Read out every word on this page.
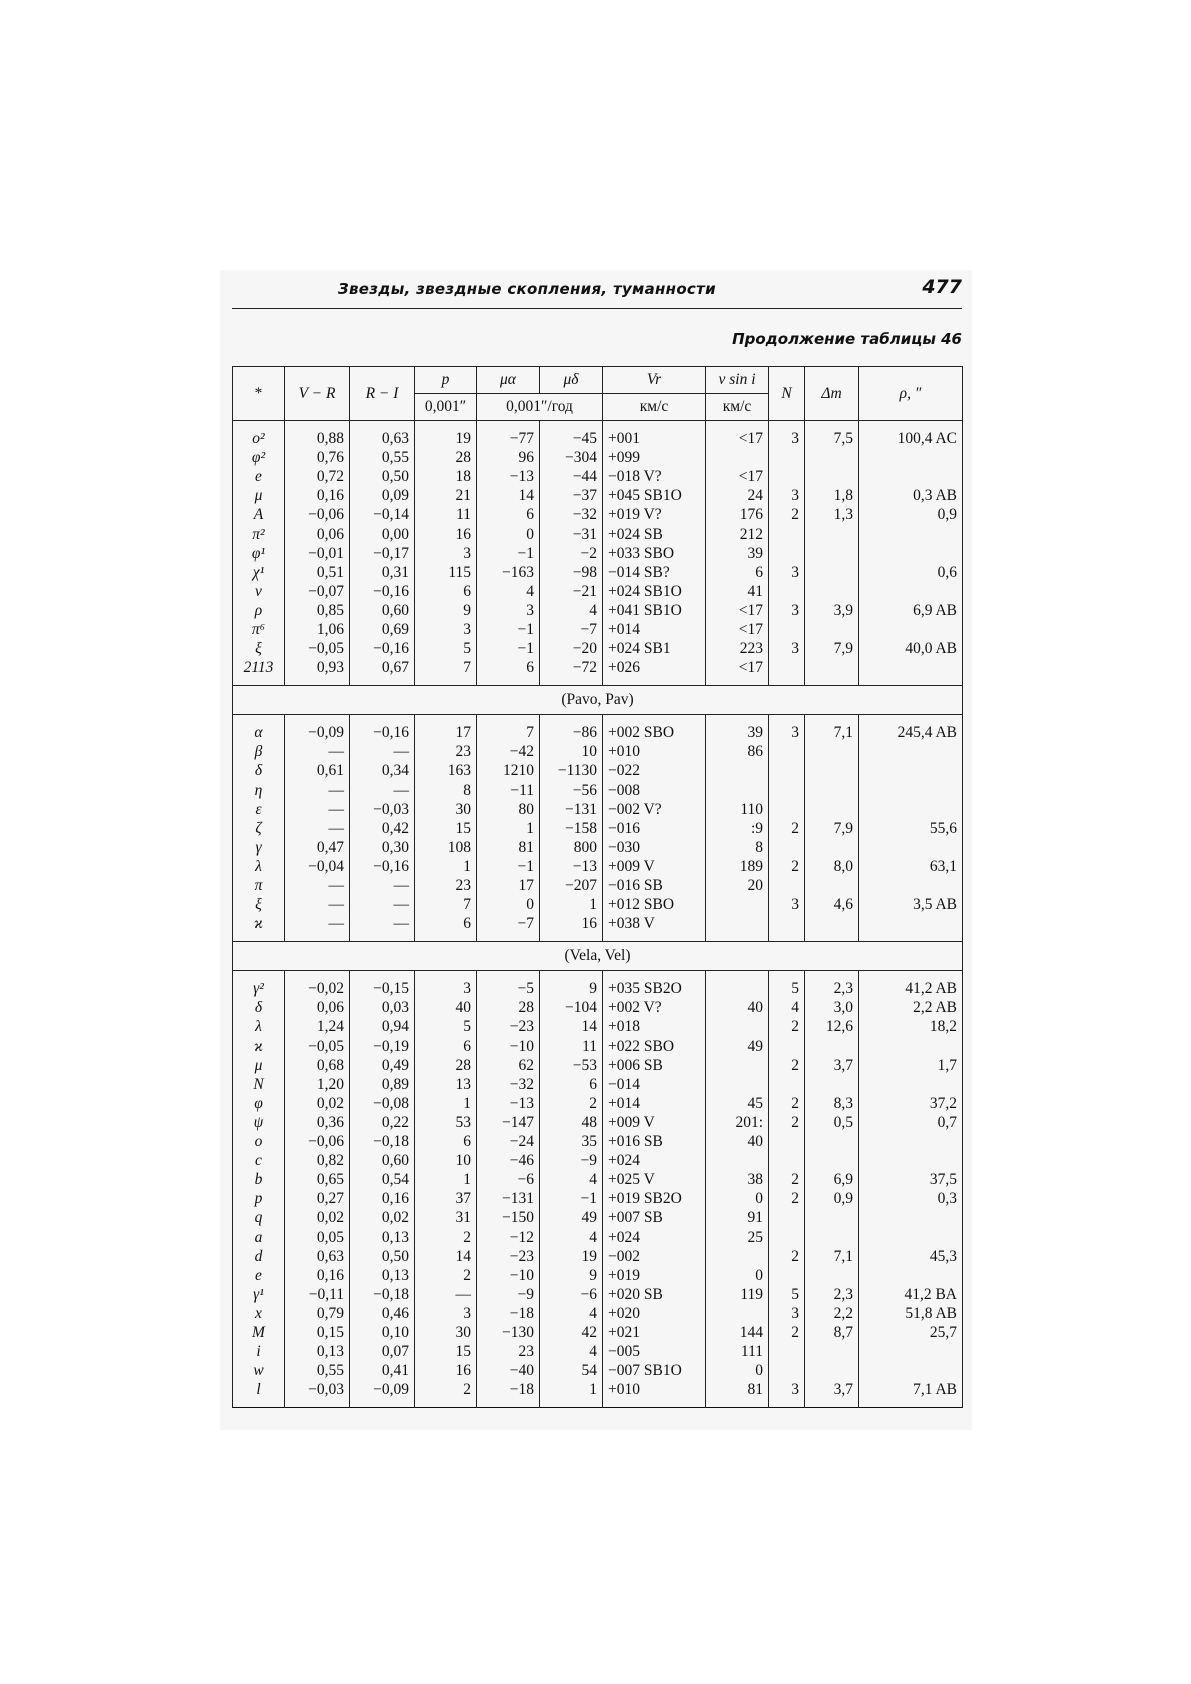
Звезды, звездные скопления, туманности	477
Продолжение таблицы 46
*	V − R	R − I	p	μα	μδ	Vr	v sin i	N	Δm	ρ, ″
			0,001″	0,001″/год		км/с	км/с			

o²	0,88	0,63	19	−77	−45	+001	<17	3	7,5	100,4 AC
φ²	0,76	0,55	28	96	−304	+099				
e	0,72	0,50	18	−13	−44	−018 V?	<17			
μ	0,16	0,09	21	14	−37	+045 SB1O	24	3	1,8	0,3 AB
A	−0,06	−0,14	11	6	−32	+019 V?	176	2	1,3	0,9
π²	0,06	0,00	16	0	−31	+024 SB	212			
φ¹	−0,01	−0,17	3	−1	−2	+033 SBO	39			
χ¹	0,51	0,31	115	−163	−98	−014 SB?	6	3		0,6
ν	−0,07	−0,16	6	4	−21	+024 SB1O	41			
ρ	0,85	0,60	9	3	4	+041 SB1O	<17	3	3,9	6,9 AB
π⁶	1,06	0,69	3	−1	−7	+014	<17			
ξ	−0,05	−0,16	5	−1	−20	+024 SB1	223	3	7,9	40,0 AB
2113	0,93	0,67	7	6	−72	+026	<17			

(Pavo, Pav)										

α	−0,09	−0,16	17	7	−86	+002 SBO	39	3	7,1	245,4 AB
β	—	—	23	−42	10	+010	86			
δ	0,61	0,34	163	1210	−1130	−022				
η	—	—	8	−11	−56	−008				
ε	—	−0,03	30	80	−131	−002 V?	110			
ζ	—	0,42	15	1	−158	−016	:9	2	7,9	55,6
γ	0,47	0,30	108	81	800	−030	8			
λ	−0,04	−0,16	1	−1	−13	+009 V	189	2	8,0	63,1
π	—	—	23	17	−207	−016 SB	20			
ξ	—	—	7	0	1	+012 SBO		3	4,6	3,5 AB
ϰ	—	—	6	−7	16	+038 V				

(Vela, Vel)										

γ²	−0,02	−0,15	3	−5	9	+035 SB2O		5	2,3	41,2 AB
δ	0,06	0,03	40	28	−104	+002 V?	40	4	3,0	2,2 AB
λ	1,24	0,94	5	−23	14	+018		2	12,6	18,2
ϰ	−0,05	−0,19	6	−10	11	+022 SBO	49			
μ	0,68	0,49	28	62	−53	+006 SB		2	3,7	1,7
N	1,20	0,89	13	−32	6	−014				
φ	0,02	−0,08	1	−13	2	+014	45	2	8,3	37,2
ψ	0,36	0,22	53	−147	48	+009 V	201:	2	0,5	0,7
o	−0,06	−0,18	6	−24	35	+016 SB	40			
c	0,82	0,60	10	−46	−9	+024				
b	0,65	0,54	1	−6	4	+025 V	38	2	6,9	37,5
p	0,27	0,16	37	−131	−1	+019 SB2O	0	2	0,9	0,3
q	0,02	0,02	31	−150	49	+007 SB	91			
a	0,05	0,13	2	−12	4	+024	25			
d	0,63	0,50	14	−23	19	−002		2	7,1	45,3
e	0,16	0,13	2	−10	9	+019	0			
γ¹	−0,11	−0,18	—	−9	−6	+020 SB	119	5	2,3	41,2 BA
x	0,79	0,46	3	−18	4	+020		3	2,2	51,8 AB
M	0,15	0,10	30	−130	42	+021	144	2	8,7	25,7
i	0,13	0,07	15	23	4	−005	111			
w	0,55	0,41	16	−40	54	−007 SB1O	0			
l	−0,03	−0,09	2	−18	1	+010	81	3	3,7	7,1 AB
